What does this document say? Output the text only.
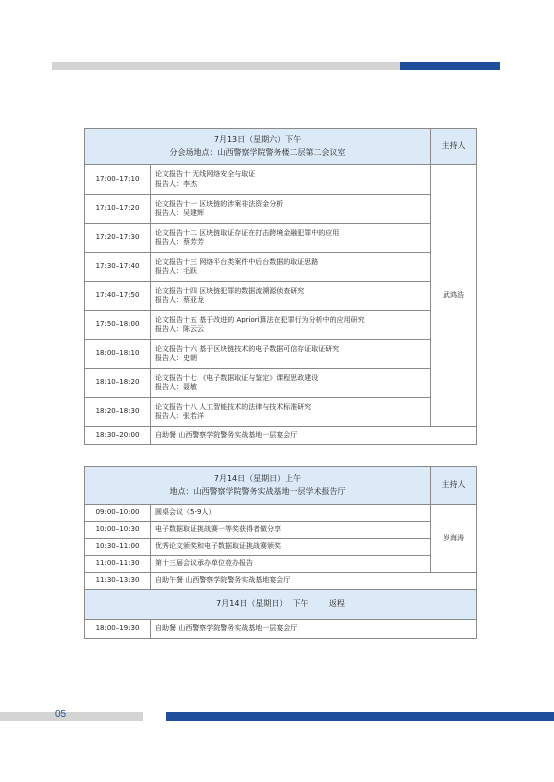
7月13日（星期六）下午
分会场地点：山西警察学院警务楼二层第二会议室		主持人
17:00–17:10	论文报告十 无线网络安全与取证
报告人：李杰	武鸿浩
17:10–17:20	论文报告十一 区块链的涉案非法资金分析
报告人：吴建辉	

17:20–17:30	论文报告十二 区块链取证存证在打击跨境金融犯罪中的应用
报告人：蔡芳芳	

17:30–17:40	论文报告十三 网络平台类案件中后台数据的取证思路
报告人：毛跃	

17:40–17:50	论文报告十四 区块链犯罪的数据流溯源侦查研究
报告人：蔡亚龙	

17:50–18:00	论文报告十五 基于改进的 Apriori算法在犯罪行为分析中的应用研究
报告人：陈云云	

18:00–18:10	论文报告十六 基于区块链技术的电子数据可信存证取证研究
报告人：史朝	

18:10–18:20	论文报告十七 《电子数据取证与鉴定》课程思政建设
报告人：聂敏	

18:20–18:30	论文报告十八 人工智能技术的法律与技术标准研究
报告人：张若洋	

18:30–20:00	自助餐 山西警察学院警务实战基地一层宴会厅	
7月14日（星期日）上午
地点：山西警察学院警务实战基地一层学术报告厅		主持人
09:00–10:00	圆桌会议（5-9人）	岁海涛
10:00–10:30	电子数据取证挑战赛一等奖获得者做分享	
10:30–11:00	优秀论文颁奖和电子数据取证挑战赛颁奖	
11:00–11:30	第十三届会议承办单位竞办报告	
11:30–13:30	自助午餐 山西警察学院警务实战基地宴会厅	
7月14日（星期日）  下午        返程		
18:00–19:30	自助餐 山西警察学院警务实战基地一层宴会厅	
05
